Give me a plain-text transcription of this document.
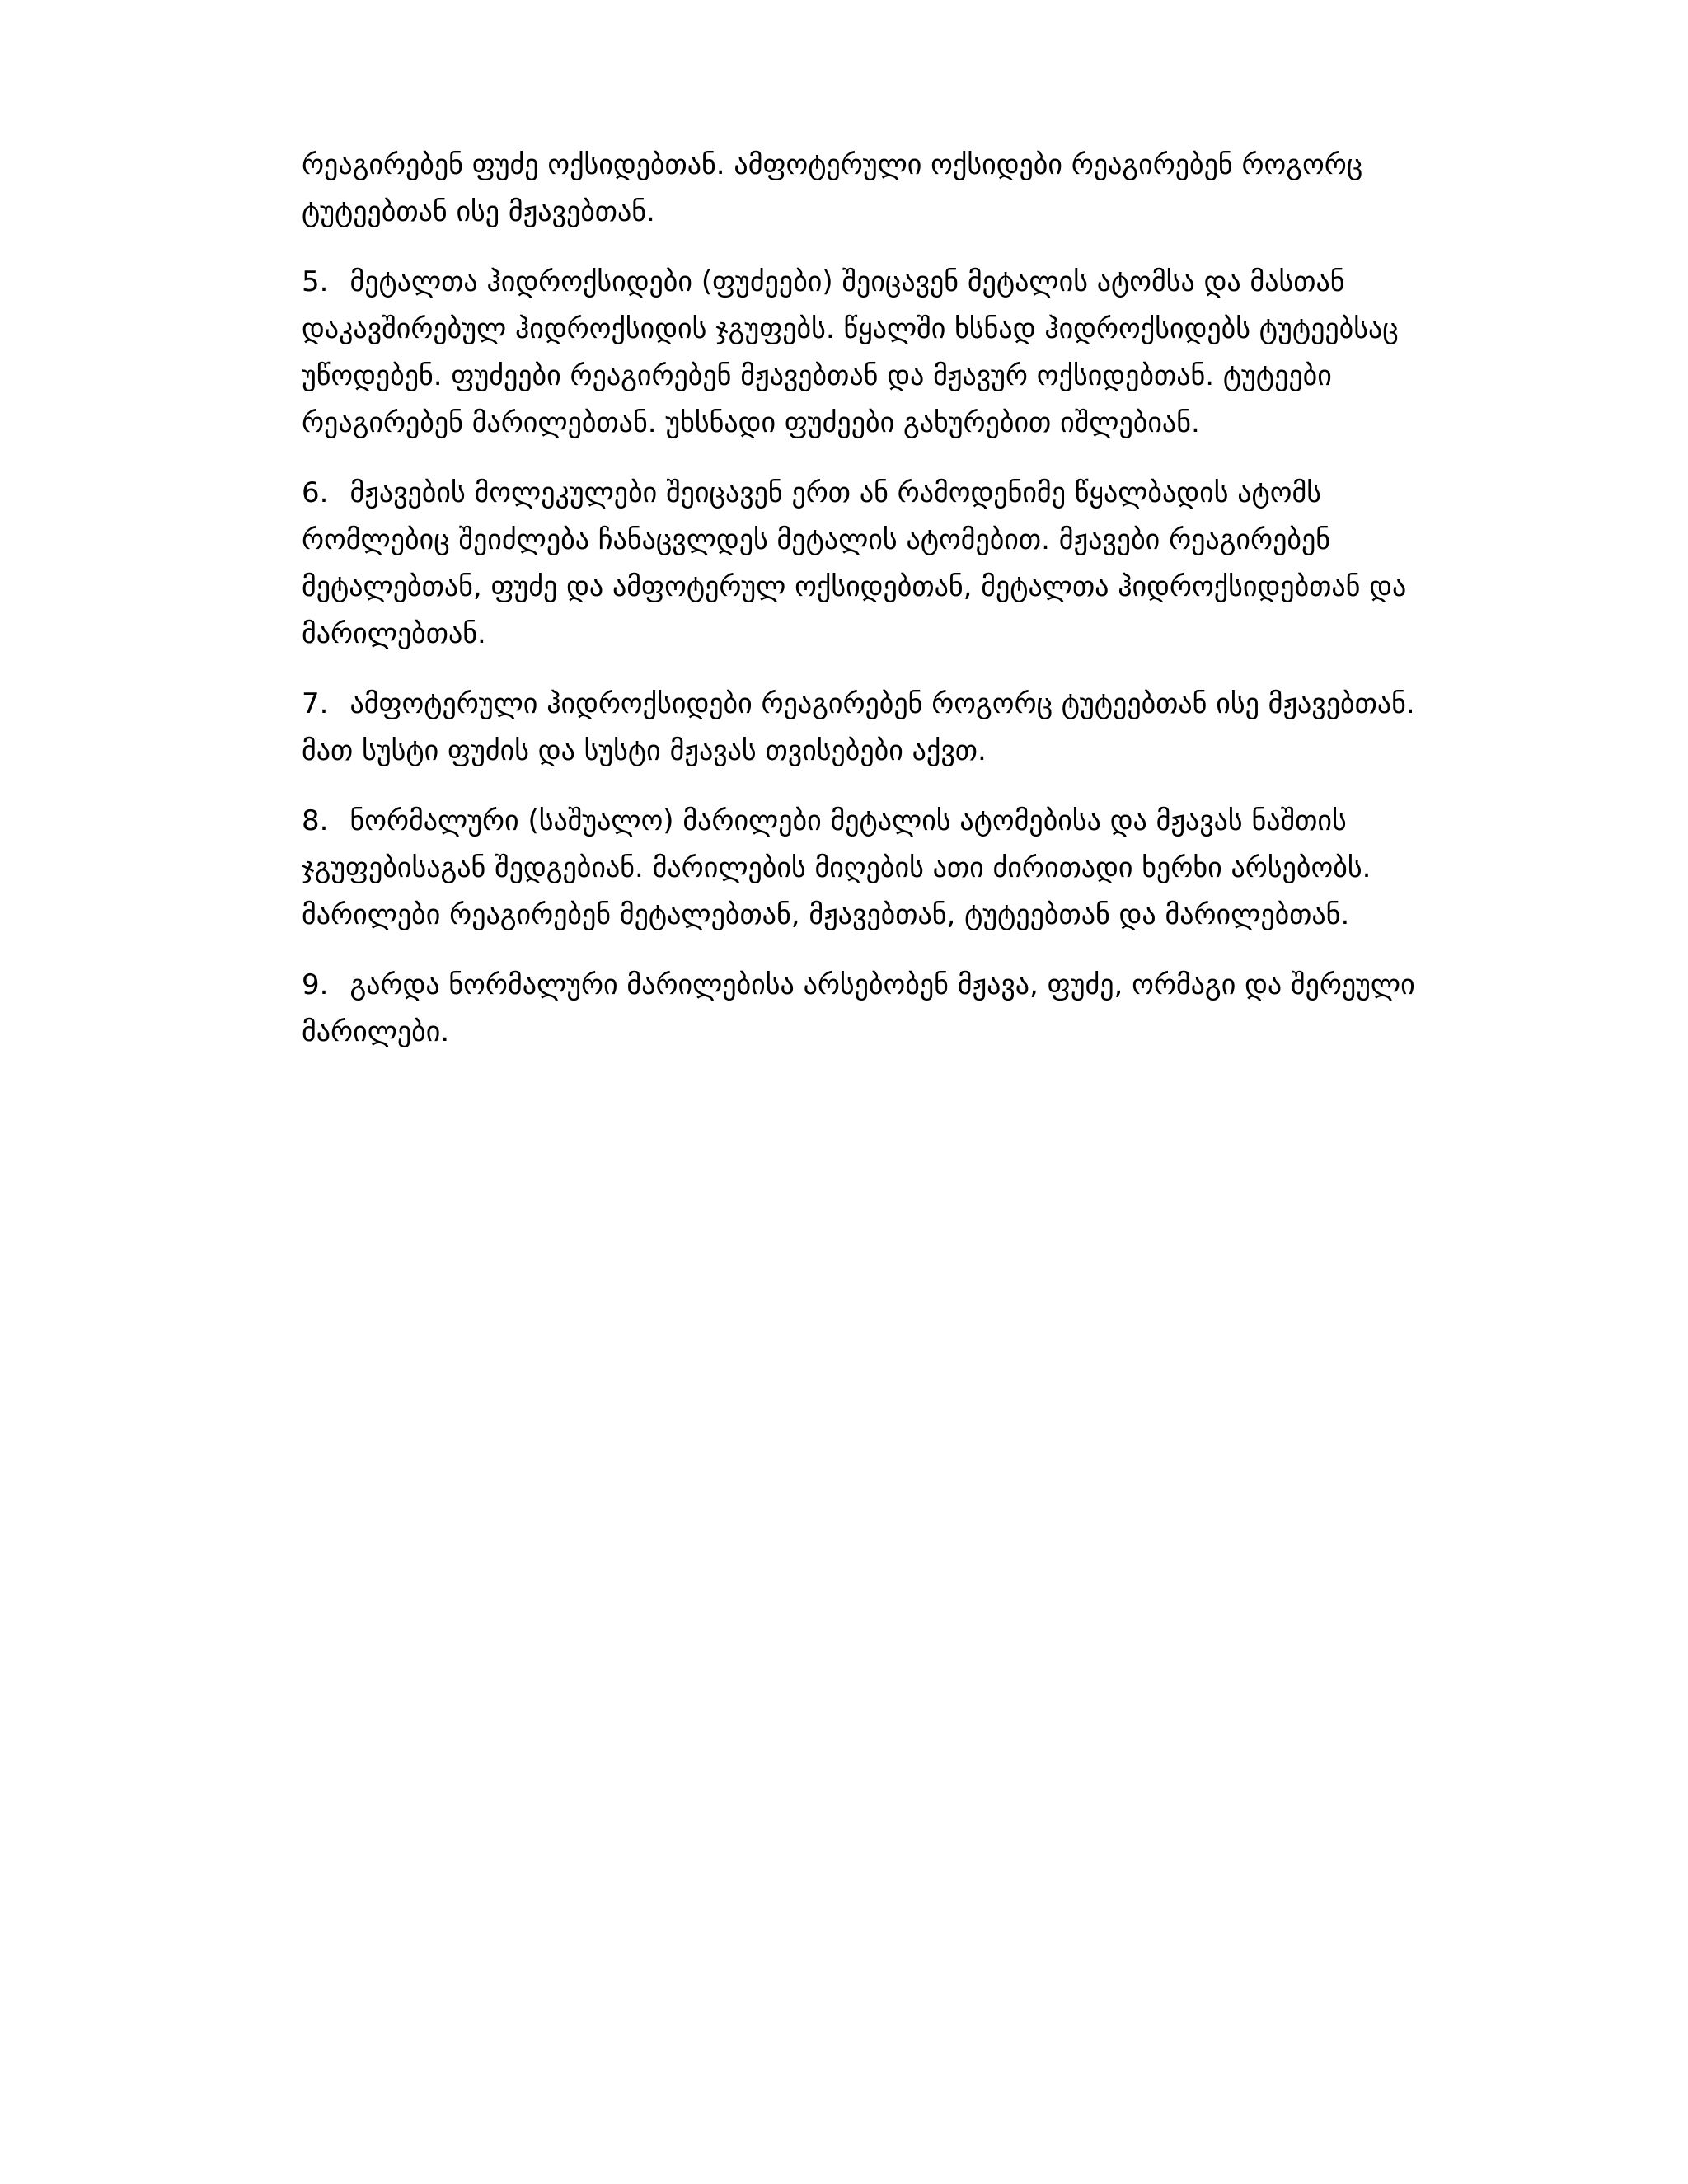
რეაგირებენ ფუძე ოქსიდებთან. ამფოტერული ოქსიდები რეაგირებენ როგორც
ტუტეებთან ისე მჟავებთან.

5. მეტალთა ჰიდროქსიდები (ფუძეები) შეიცავენ მეტალის ატომსა და მასთან
დაკავშირებულ ჰიდროქსიდის ჯგუფებს. წყალში ხსნად ჰიდროქსიდებს ტუტეებსაც
უწოდებენ. ფუძეები რეაგირებენ მჟავებთან და მჟავურ ოქსიდებთან. ტუტეები
რეაგირებენ მარილებთან. უხსნადი ფუძეები გახურებით იშლებიან.

6. მჟავების მოლეკულები შეიცავენ ერთ ან რამოდენიმე წყალბადის ატომს
რომლებიც შეიძლება ჩანაცვლდეს მეტალის ატომებით. მჟავები რეაგირებენ
მეტალებთან, ფუძე და ამფოტერულ ოქსიდებთან, მეტალთა ჰიდროქსიდებთან და
მარილებთან.

7. ამფოტერული ჰიდროქსიდები რეაგირებენ როგორც ტუტეებთან ისე მჟავებთან.
მათ სუსტი ფუძის და სუსტი მჟავას თვისებები აქვთ.

8. ნორმალური (საშუალო) მარილები მეტალის ატომებისა და მჟავას ნაშთის
ჯგუფებისაგან შედგებიან. მარილების მიღების ათი ძირითადი ხერხი არსებობს.
მარილები რეაგირებენ მეტალებთან, მჟავებთან, ტუტეებთან და მარილებთან.

9. გარდა ნორმალური მარილებისა არსებობენ მჟავა, ფუძე, ორმაგი და შერეული
მარილები.
